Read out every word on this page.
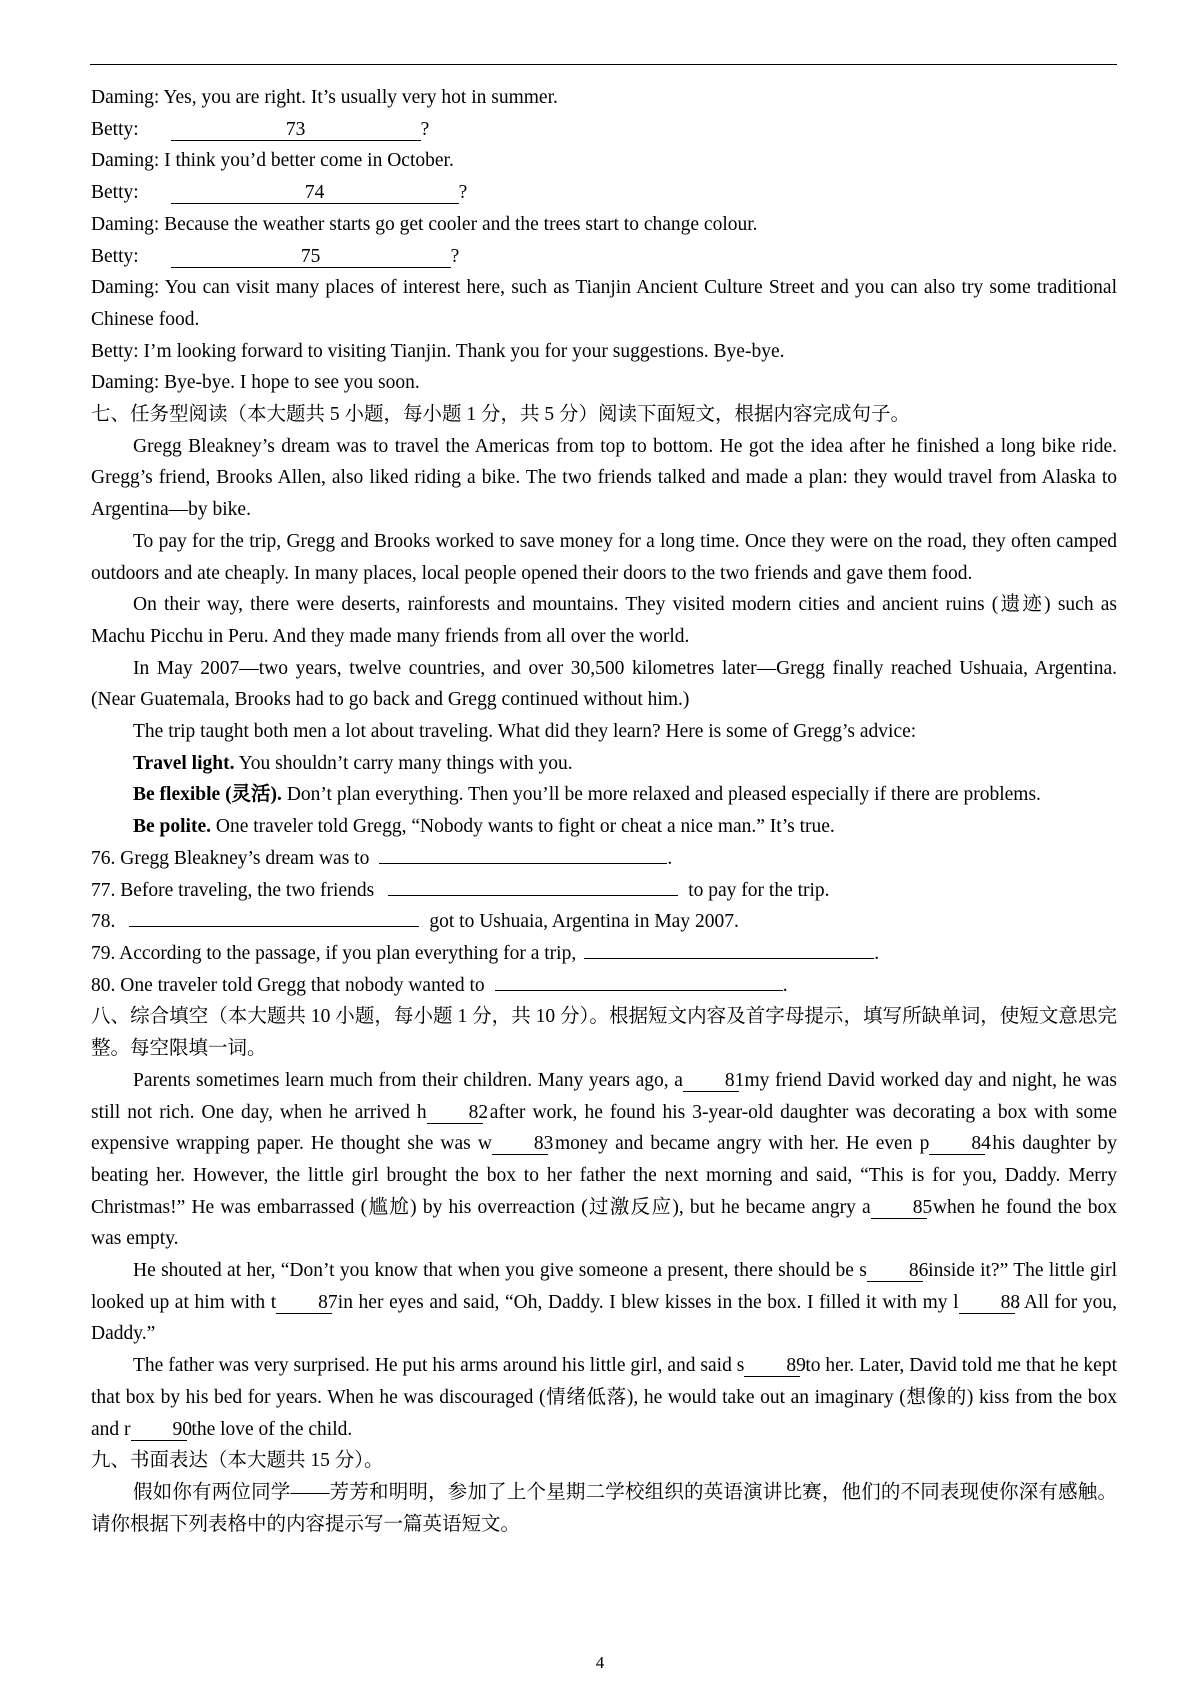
Daming: Yes, you are right. It’s usually very hot in summer.
Betty:	73	?
Daming: I think you’d better come in October.
Betty:	74	?
Daming: Because the weather starts go get cooler and the trees start to change colour.
Betty:	75	?
Daming: You can visit many places of interest here, such as Tianjin Ancient Culture Street and you can also try some traditional Chinese food.
Betty: I’m looking forward to visiting Tianjin. Thank you for your suggestions. Bye-bye.
Daming: Bye-bye. I hope to see you soon.
七、任务型阅读（本大题共 5 小题，每小题 1 分，共 5 分）阅读下面短文，根据内容完成句子。
Gregg Bleakney’s dream was to travel the Americas from top to bottom. He got the idea after he finished a long bike ride. Gregg’s friend, Brooks Allen, also liked riding a bike. The two friends talked and made a plan: they would travel from Alaska to Argentina—by bike.
To pay for the trip, Gregg and Brooks worked to save money for a long time. Once they were on the road, they often camped outdoors and ate cheaply. In many places, local people opened their doors to the two friends and gave them food.
On their way, there were deserts, rainforests and mountains. They visited modern cities and ancient ruins (遗迹) such as Machu Picchu in Peru. And they made many friends from all over the world.
In May 2007—two years, twelve countries, and over 30,500 kilometres later—Gregg finally reached Ushuaia, Argentina. (Near Guatemala, Brooks had to go back and Gregg continued without him.)
The trip taught both men a lot about traveling. What did they learn? Here is some of Gregg’s advice:
Travel light. You shouldn’t carry many things with you.
Be flexible (灵活). Don’t plan everything. Then you’ll be more relaxed and pleased especially if there are problems.
Be polite. One traveler told Gregg, “Nobody wants to fight or cheat a nice man.” It’s true.
76. Gregg Bleakney’s dream was to	.
77. Before traveling, the two friends	to pay for the trip.
78.	got to Ushuaia, Argentina in May 2007.
79. According to the passage, if you plan everything for a trip,	.
80. One traveler told Gregg that nobody wanted to	.
八、综合填空（本大题共 10 小题，每小题 1 分，共 10 分）。根据短文内容及首字母提示，填写所缺单词，使短文意思完整。每空限填一词。
Parents sometimes learn much from their children. Many years ago, a 81 my friend David worked day and night, he was still not rich. One day, when he arrived h 82 after work, he found his 3-year-old daughter was decorating a box with some expensive wrapping paper. He thought she was w 83 money and became angry with her. He even p 84 his daughter by beating her. However, the little girl brought the box to her father the next morning and said, “This is for you, Daddy. Merry Christmas!” He was embarrassed (尴尬) by his overreaction (过激反应), but he became angry a 85 when he found the box was empty.
He shouted at her, “Don’t you know that when you give someone a present, there should be s 86 inside it?” The little girl looked up at him with t 87 in her eyes and said, “Oh, Daddy. I blew kisses in the box. I filled it with my l 88. All for you, Daddy.”
The father was very surprised. He put his arms around his little girl, and said s 89 to her. Later, David told me that he kept that box by his bed for years. When he was discouraged (情绪低落), he would take out an imaginary (想像的) kiss from the box and r 90 the love of the child.
九、书面表达（本大题共 15 分）。
假如你有两位同学——芳芳和明明，参加了上个星期二学校组织的英语演讲比赛，他们的不同表现使你深有感触。请你根据下列表格中的内容提示写一篇英语短文。
4
